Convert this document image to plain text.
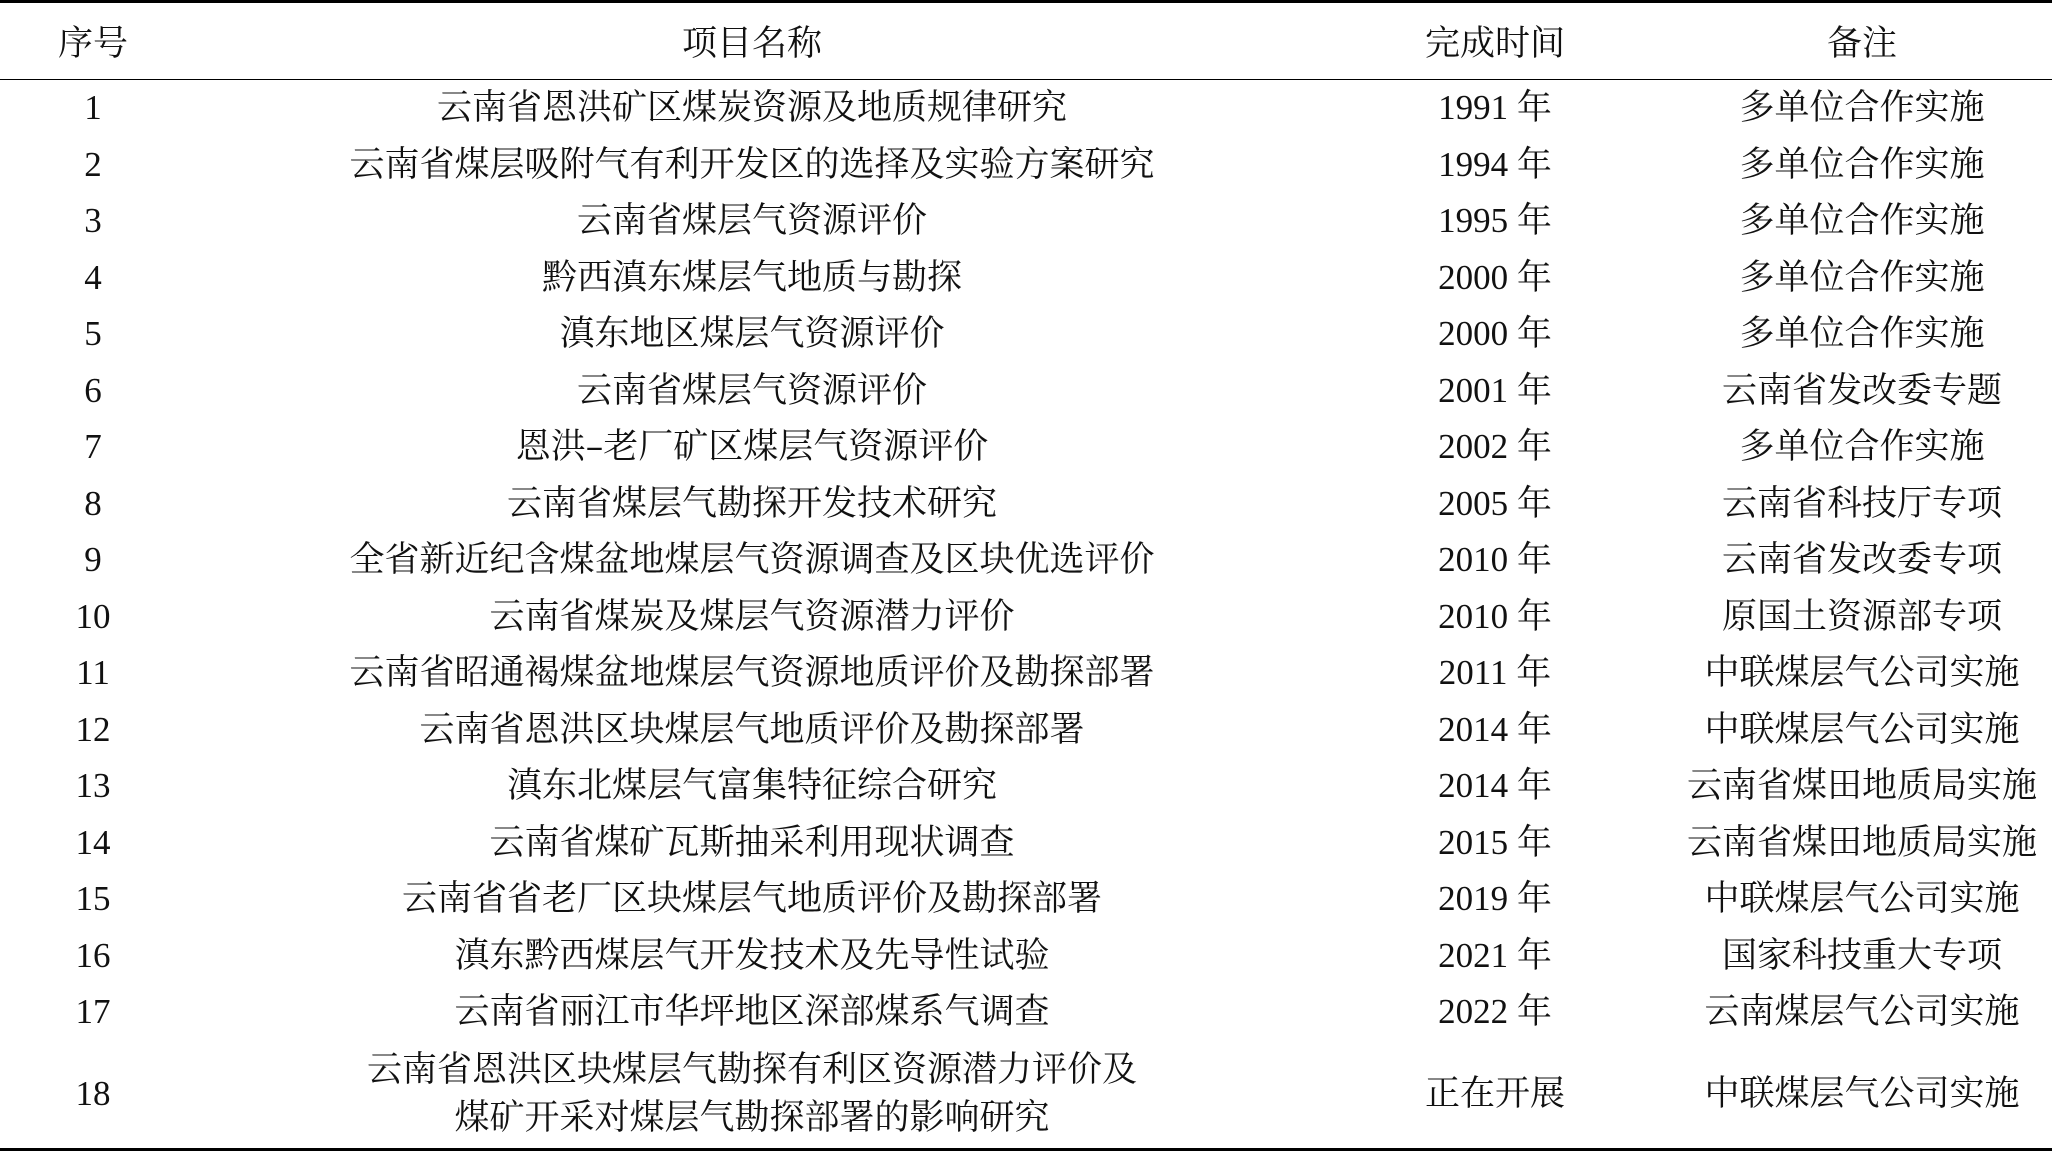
序号	项目名称	完成时间	备注
1	云南省恩洪矿区煤炭资源及地质规律研究	1991 年	多单位合作实施
2	云南省煤层吸附气有利开发区的选择及实验方案研究	1994 年	多单位合作实施
3	云南省煤层气资源评价	1995 年	多单位合作实施
4	黔西滇东煤层气地质与勘探	2000 年	多单位合作实施
5	滇东地区煤层气资源评价	2000 年	多单位合作实施
6	云南省煤层气资源评价	2001 年	云南省发改委专题
7	恩洪–老厂矿区煤层气资源评价	2002 年	多单位合作实施
8	云南省煤层气勘探开发技术研究	2005 年	云南省科技厅专项
9	全省新近纪含煤盆地煤层气资源调查及区块优选评价	2010 年	云南省发改委专项
10	云南省煤炭及煤层气资源潜力评价	2010 年	原国土资源部专项
11	云南省昭通褐煤盆地煤层气资源地质评价及勘探部署	2011 年	中联煤层气公司实施
12	云南省恩洪区块煤层气地质评价及勘探部署	2014 年	中联煤层气公司实施
13	滇东北煤层气富集特征综合研究	2014 年	云南省煤田地质局实施
14	云南省煤矿瓦斯抽采利用现状调查	2015 年	云南省煤田地质局实施
15	云南省省老厂区块煤层气地质评价及勘探部署	2019 年	中联煤层气公司实施
16	滇东黔西煤层气开发技术及先导性试验	2021 年	国家科技重大专项
17	云南省丽江市华坪地区深部煤系气调查	2022 年	云南煤层气公司实施
18	云南省恩洪区块煤层气勘探有利区资源潜力评价及
煤矿开采对煤层气勘探部署的影响研究	正在开展	中联煤层气公司实施
